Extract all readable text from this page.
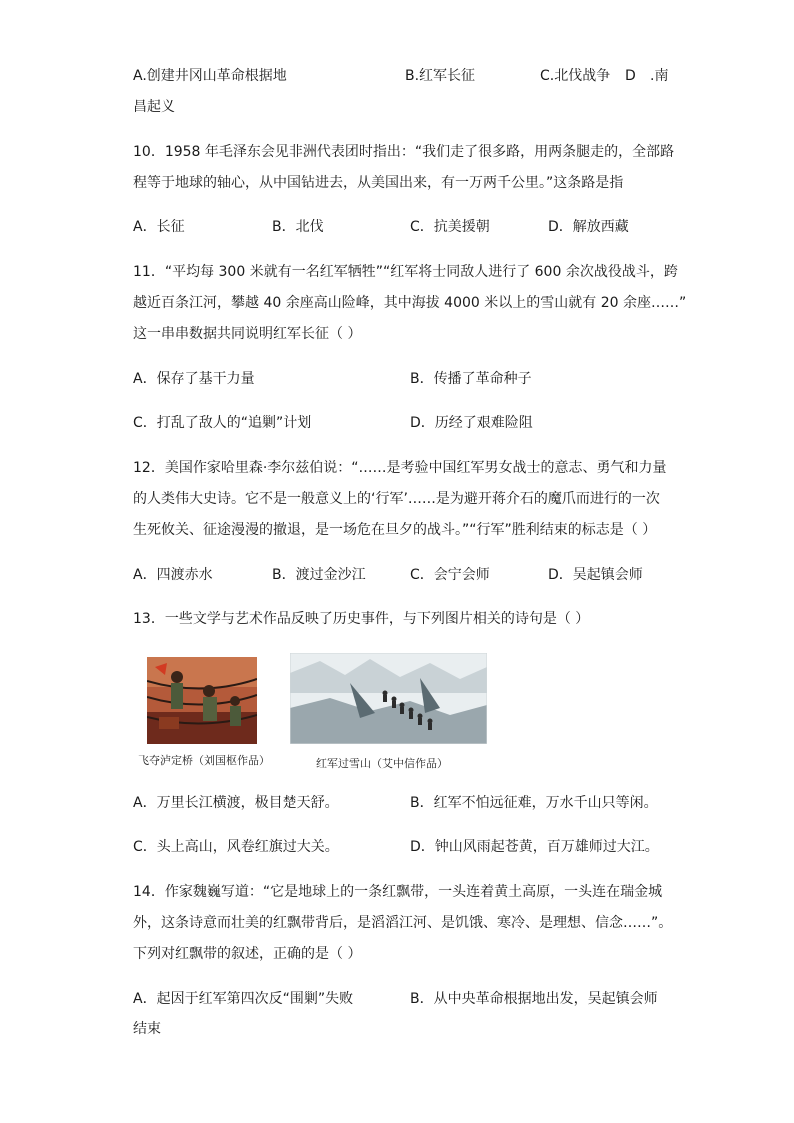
A.创建井冈山革命根据地	B.红军长征	C.北伐战争 D .南
昌起义
10．1958 年毛泽东会见非洲代表团时指出：“我们走了很多路，用两条腿走的，全部路
程等于地球的轴心，从中国钻进去，从美国出来，有一万两千公里。”这条路是指
A．长征	B．北伐	C．抗美援朝	D．解放西藏
11．“平均每 300 米就有一名红军牺牲”“红军将士同敌人进行了 600 余次战役战斗，跨
越近百条江河，攀越 40 余座高山险峰，其中海拔 4000 米以上的雪山就有 20 余座……”
这一串串数据共同说明红军长征（ ）
A．保存了基干力量	B．传播了革命种子
C．打乱了敌人的“追剿”计划	D．历经了艰难险阻
12．美国作家哈里森·李尔兹伯说：“……是考验中国红军男女战士的意志、勇气和力量
的人类伟大史诗。它不是一般意义上的‘行军’……是为避开蒋介石的魔爪而进行的一次
生死攸关、征途漫漫的撤退，是一场危在旦夕的战斗。”“行军”胜利结束的标志是（ ）
A．四渡赤水	B．渡过金沙江	C．会宁会师	D．吴起镇会师
13．一些文学与艺术作品反映了历史事件，与下列图片相关的诗句是（ ）
飞夺泸定桥（刘国枢作品）	红军过雪山（艾中信作品）
A．万里长江横渡，极目楚天舒。	B．红军不怕远征难，万水千山只等闲。
C．头上高山，风卷红旗过大关。	D．钟山风雨起苍黄，百万雄师过大江。
14．作家魏巍写道：“它是地球上的一条红飘带，一头连着黄土高原，一头连在瑞金城
外，这条诗意而壮美的红飘带背后，是滔滔江河、是饥饿、寒冷、是理想、信念……”。
下列对红飘带的叙述，正确的是（ ）
A．起因于红军第四次反“围剿”失败	B．从中央革命根据地出发，吴起镇会师
结束
